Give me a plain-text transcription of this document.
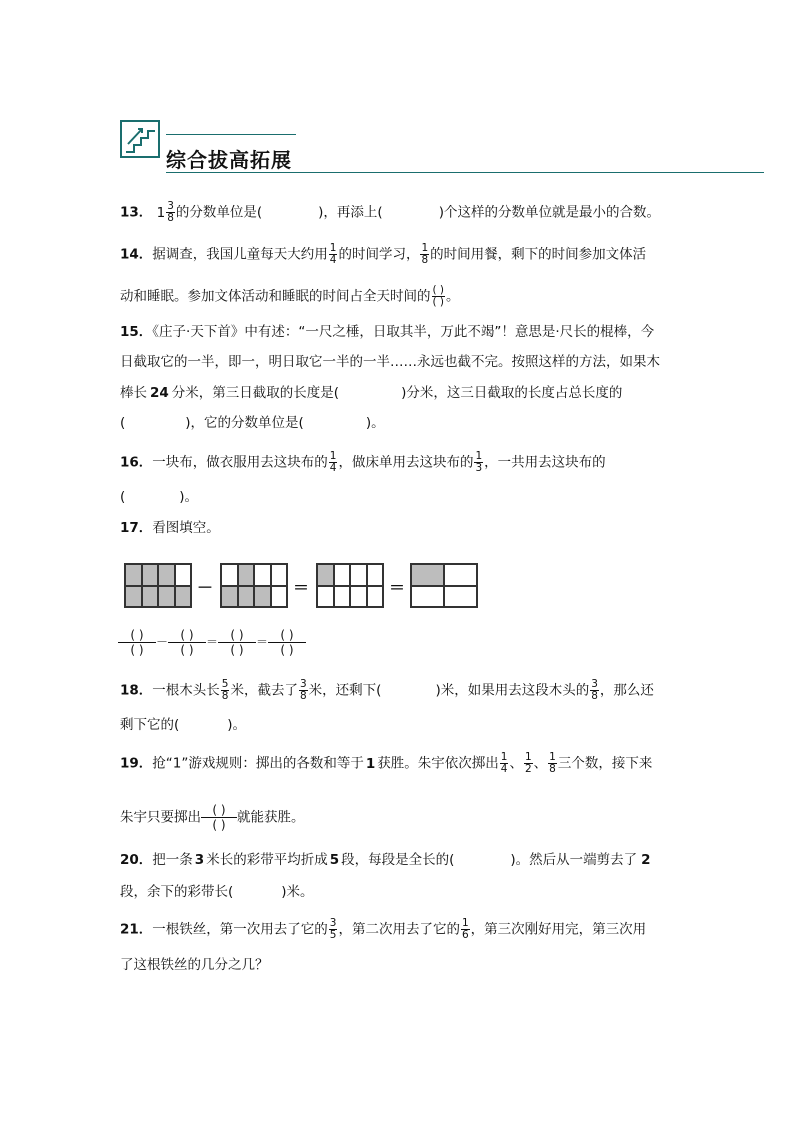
综合拔高拓展
13． $1 \frac{3}{8}$ 的分数单位是(	)，再添上(	)个这样的分数单位就是最小的合数。
14．据调查，我国儿童每天大约用 $\frac{1}{4}$ 的时间学习， $\frac{1}{8}$ 的时间用餐，剩下的时间参加文体活
动和睡眠。参加文体活动和睡眠的时间占全天时间的 $\frac{( )}{( )}$ 。
15．《庄子·天下首》中有述：“一尺之棰，日取其半，万此不竭”！意思是·尺长的棍棒，今
日截取它的一半，即一，明日取它一半的一半……永远也截不完。按照这样的方法，如果木
棒长 24 分米，第三日截取的长度是(	)分米，这三日截取的长度占总长度的
(	)，它的分数单位是(	)。
16．一块布，做衣服用去这块布的 $\frac{1}{4}$ ，做床单用去这块布的 $\frac{1}{3}$ ，一共用去这块布的
(	)。
17．看图填空。
－	＝	＝
$\frac{( )}{( )} - \frac{( )}{( )} = \frac{( )}{( )} = \frac{( )}{( )}$
18．一根木头长 $\frac{5}{8}$ 米，截去了 $\frac{3}{8}$ 米，还剩下(	)米，如果用去这段木头的 $\frac{3}{8}$ ，那么还
剩下它的(	)。
19．抢“1”游戏规则：掷出的各数和等于 1 获胜。朱宇依次掷出 $\frac{1}{4}$ 、 $\frac{1}{2}$ 、 $\frac{1}{8}$ 三个数，接下来
朱宇只要掷出 $\frac{( )}{( )}$ 就能获胜。
20．把一条 3 米长的彩带平均折成 5 段，每段是全长的(	)。然后从一端剪去了 2
段，余下的彩带长(	)米。
21．一根铁丝，第一次用去了它的 $\frac{3}{5}$ ，第二次用去了它的 $\frac{1}{6}$ ，第三次刚好用完，第三次用
了这根铁丝的几分之几？
